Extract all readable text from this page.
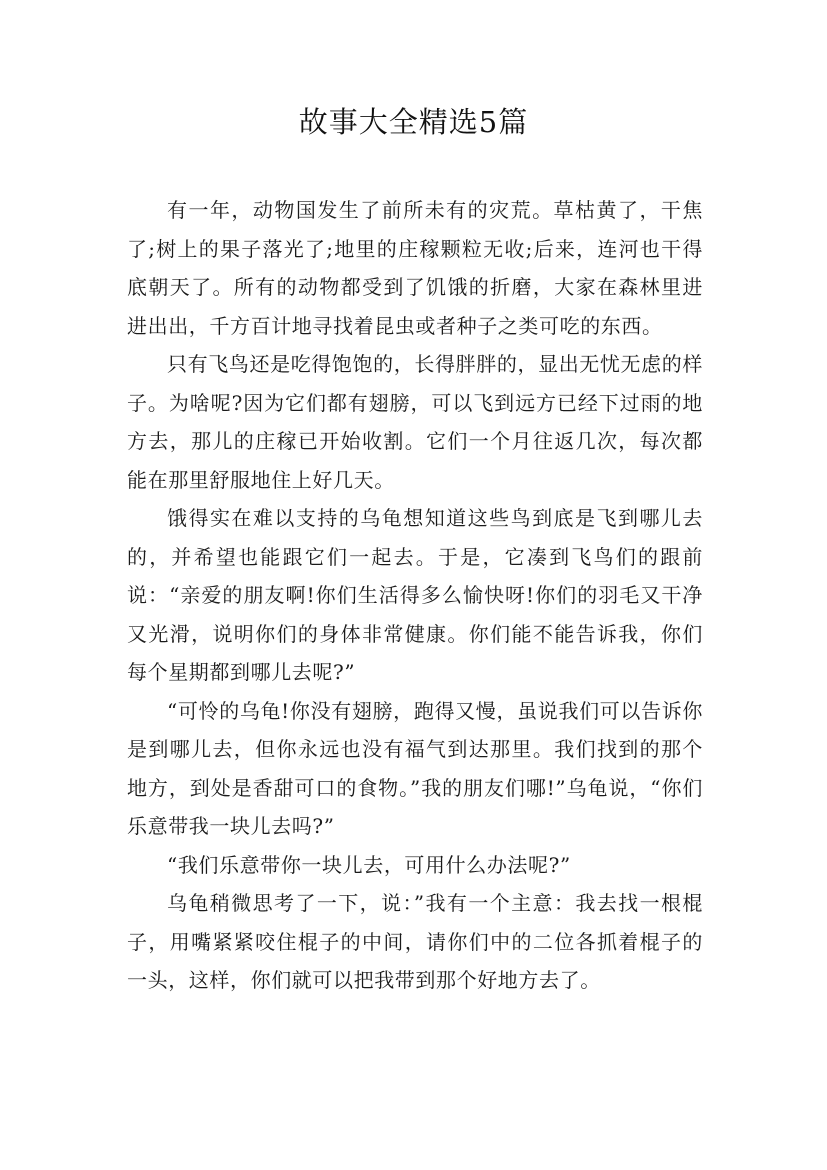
故事大全精选5篇

有一年，动物国发生了前所未有的灾荒。草枯黄了，干焦了;树上的果子落光了;地里的庄稼颗粒无收;后来，连河也干得底朝天了。所有的动物都受到了饥饿的折磨，大家在森林里进进出出，千方百计地寻找着昆虫或者种子之类可吃的东西。

只有飞鸟还是吃得饱饱的，长得胖胖的，显出无忧无虑的样子。为啥呢?因为它们都有翅膀，可以飞到远方已经下过雨的地方去，那儿的庄稼已开始收割。它们一个月往返几次，每次都能在那里舒服地住上好几天。

饿得实在难以支持的乌龟想知道这些鸟到底是飞到哪儿去的，并希望也能跟它们一起去。于是，它凑到飞鸟们的跟前说：“亲爱的朋友啊!你们生活得多么愉快呀!你们的羽毛又干净又光滑，说明你们的身体非常健康。你们能不能告诉我，你们每个星期都到哪儿去呢?”

“可怜的乌龟!你没有翅膀，跑得又慢，虽说我们可以告诉你是到哪儿去，但你永远也没有福气到达那里。我们找到的那个地方，到处是香甜可口的食物。”我的朋友们哪!”乌龟说，“你们乐意带我一块儿去吗?”

“我们乐意带你一块儿去，可用什么办法呢?”

乌龟稍微思考了一下，说：”我有一个主意：我去找一根棍子，用嘴紧紧咬住棍子的中间，请你们中的二位各抓着棍子的一头，这样，你们就可以把我带到那个好地方去了。
